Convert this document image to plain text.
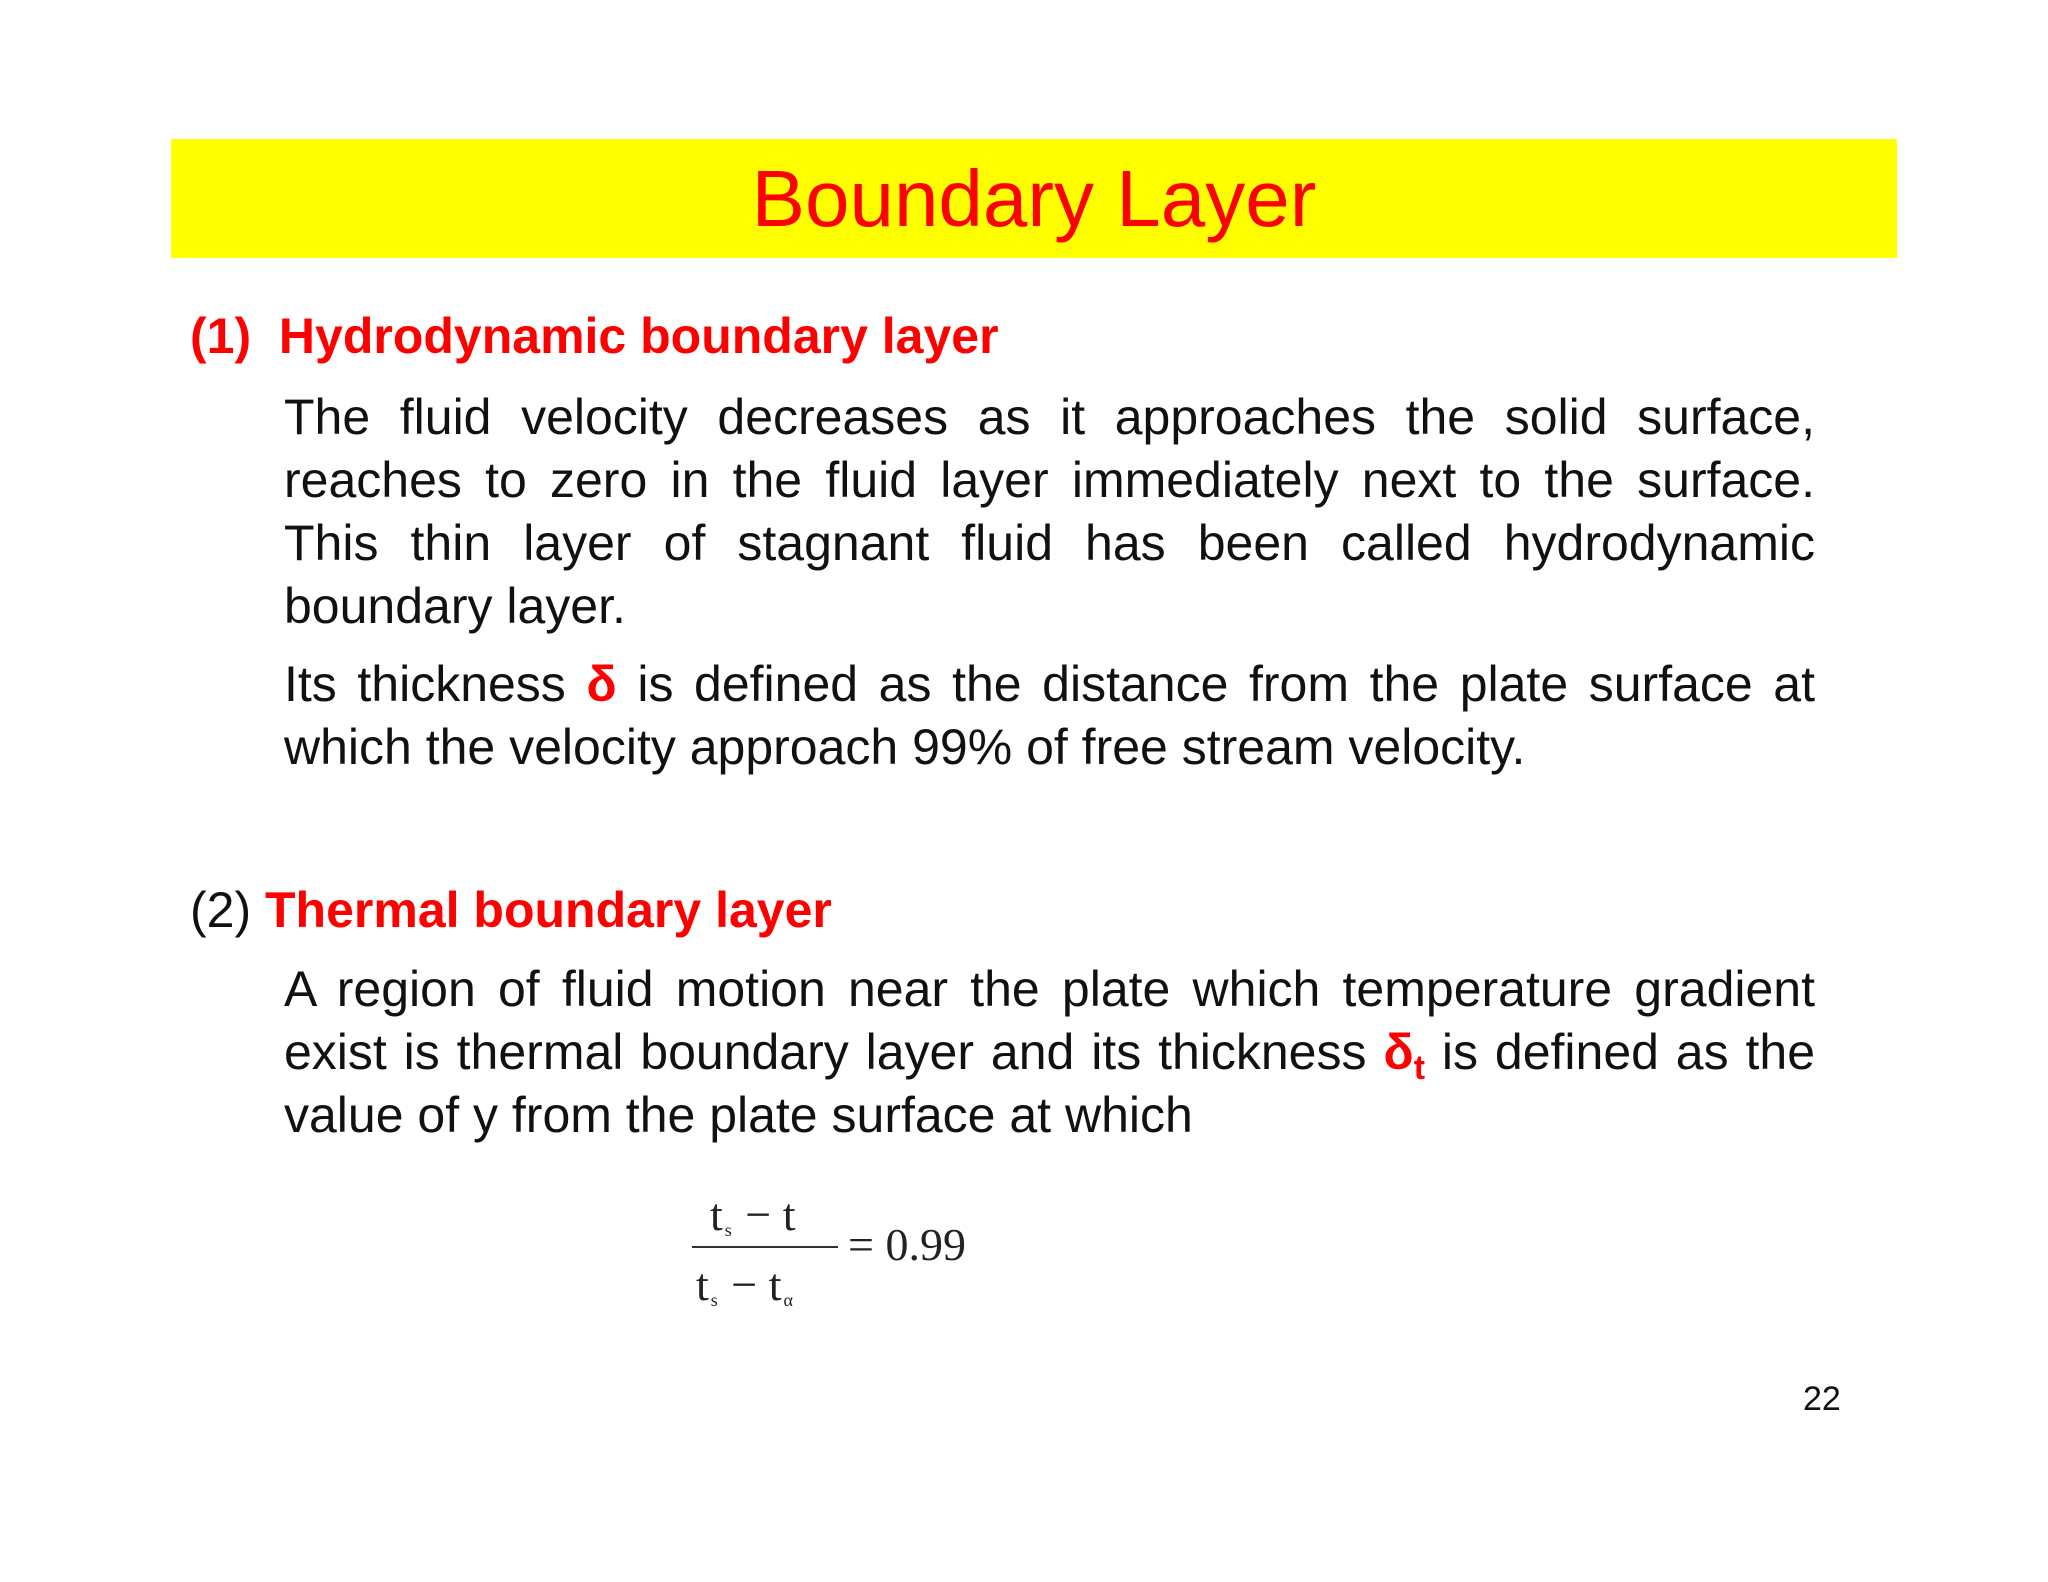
Boundary Layer
(1) Hydrodynamic boundary layer

The fluid velocity decreases as it approaches the solid surface, reaches to zero in the fluid layer immediately next to the surface. This thin layer of stagnant fluid has been called hydrodynamic boundary layer.

Its thickness δ is defined as the distance from the plate surface at which the velocity approach 99% of free stream velocity.

(2) Thermal boundary layer

A region of fluid motion near the plate which temperature gradient exist is thermal boundary layer and its thickness $\delta_t$ is defined as the value of y from the plate surface at which

ts − t
ts − t α
= 0.99
22
